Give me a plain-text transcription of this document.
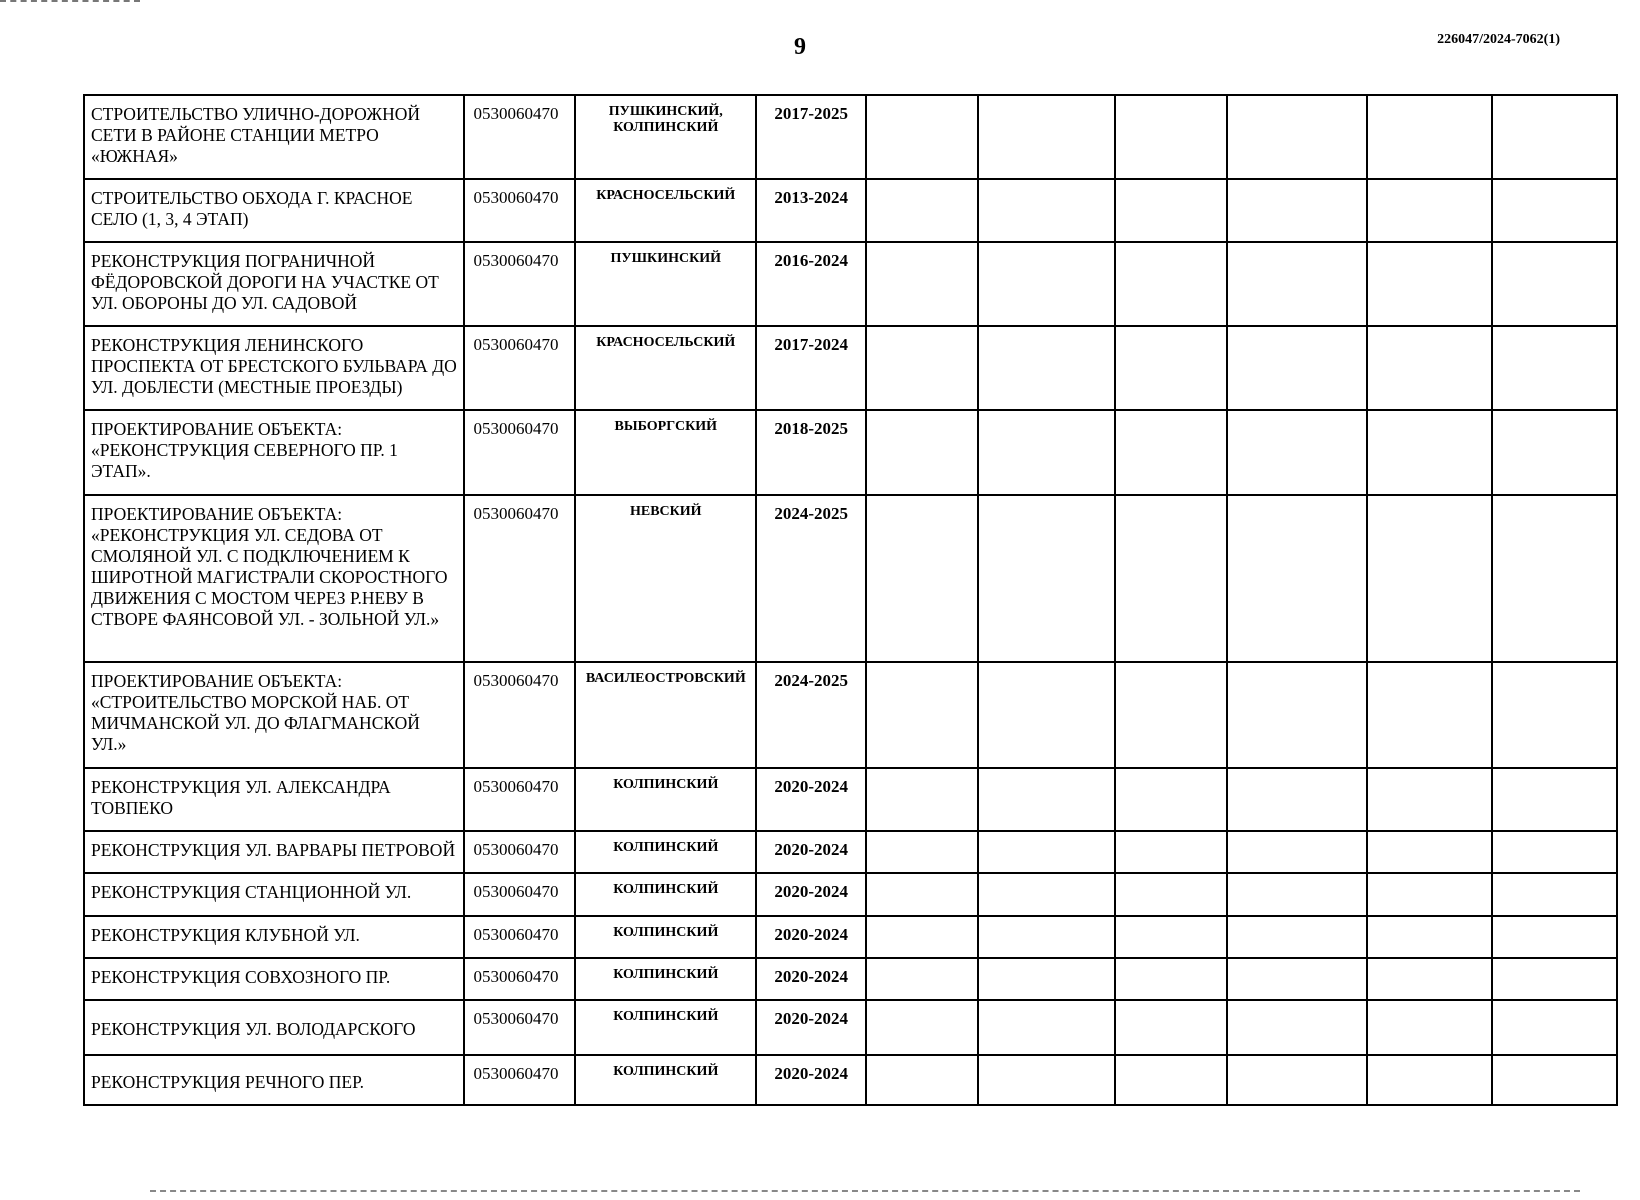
9	226047/2024-7062(1)
СТРОИТЕЛЬСТВО УЛИЧНО-ДОРОЖНОЙ СЕТИ В РАЙОНЕ СТАНЦИИ МЕТРО «ЮЖНАЯ»	0530060470	ПУШКИНСКИЙ, КОЛПИНСКИЙ	2017-2025						
СТРОИТЕЛЬСТВО ОБХОДА Г. КРАСНОЕ СЕЛО (1, 3, 4 ЭТАП)	0530060470	КРАСНОСЕЛЬСКИЙ	2013-2024						
РЕКОНСТРУКЦИЯ ПОГРАНИЧНОЙ ФЁДОРОВСКОЙ ДОРОГИ НА УЧАСТКЕ ОТ УЛ. ОБОРОНЫ ДО УЛ. САДОВОЙ	0530060470	ПУШКИНСКИЙ	2016-2024						
РЕКОНСТРУКЦИЯ ЛЕНИНСКОГО ПРОСПЕКТА ОТ БРЕСТСКОГО БУЛЬВАРА ДО УЛ. ДОБЛЕСТИ (МЕСТНЫЕ ПРОЕЗДЫ)	0530060470	КРАСНОСЕЛЬСКИЙ	2017-2024						
ПРОЕКТИРОВАНИЕ ОБЪЕКТА: «РЕКОНСТРУКЦИЯ СЕВЕРНОГО ПР. 1 ЭТАП».	0530060470	ВЫБОРГСКИЙ	2018-2025						
ПРОЕКТИРОВАНИЕ ОБЪЕКТА: «РЕКОНСТРУКЦИЯ УЛ. СЕДОВА ОТ СМОЛЯНОЙ УЛ. С ПОДКЛЮЧЕНИЕМ К ШИРОТНОЙ МАГИСТРАЛИ СКОРОСТНОГО ДВИЖЕНИЯ С МОСТОМ ЧЕРЕЗ Р.НЕВУ В СТВОРЕ ФАЯНСОВОЙ УЛ. - ЗОЛЬНОЙ УЛ.»	0530060470	НЕВСКИЙ	2024-2025						
ПРОЕКТИРОВАНИЕ ОБЪЕКТА: «СТРОИТЕЛЬСТВО МОРСКОЙ НАБ. ОТ МИЧМАНСКОЙ УЛ. ДО ФЛАГМАНСКОЙ УЛ.»	0530060470	ВАСИЛЕОСТРОВСКИЙ	2024-2025						
РЕКОНСТРУКЦИЯ УЛ. АЛЕКСАНДРА ТОВПЕКО	0530060470	КОЛПИНСКИЙ	2020-2024						
РЕКОНСТРУКЦИЯ УЛ. ВАРВАРЫ ПЕТРОВОЙ	0530060470	КОЛПИНСКИЙ	2020-2024						
РЕКОНСТРУКЦИЯ СТАНЦИОННОЙ УЛ.	0530060470	КОЛПИНСКИЙ	2020-2024						
РЕКОНСТРУКЦИЯ КЛУБНОЙ УЛ.	0530060470	КОЛПИНСКИЙ	2020-2024						
РЕКОНСТРУКЦИЯ СОВХОЗНОГО ПР.	0530060470	КОЛПИНСКИЙ	2020-2024						
РЕКОНСТРУКЦИЯ УЛ. ВОЛОДАРСКОГО	0530060470	КОЛПИНСКИЙ	2020-2024						
РЕКОНСТРУКЦИЯ РЕЧНОГО ПЕР.	0530060470	КОЛПИНСКИЙ	2020-2024						
